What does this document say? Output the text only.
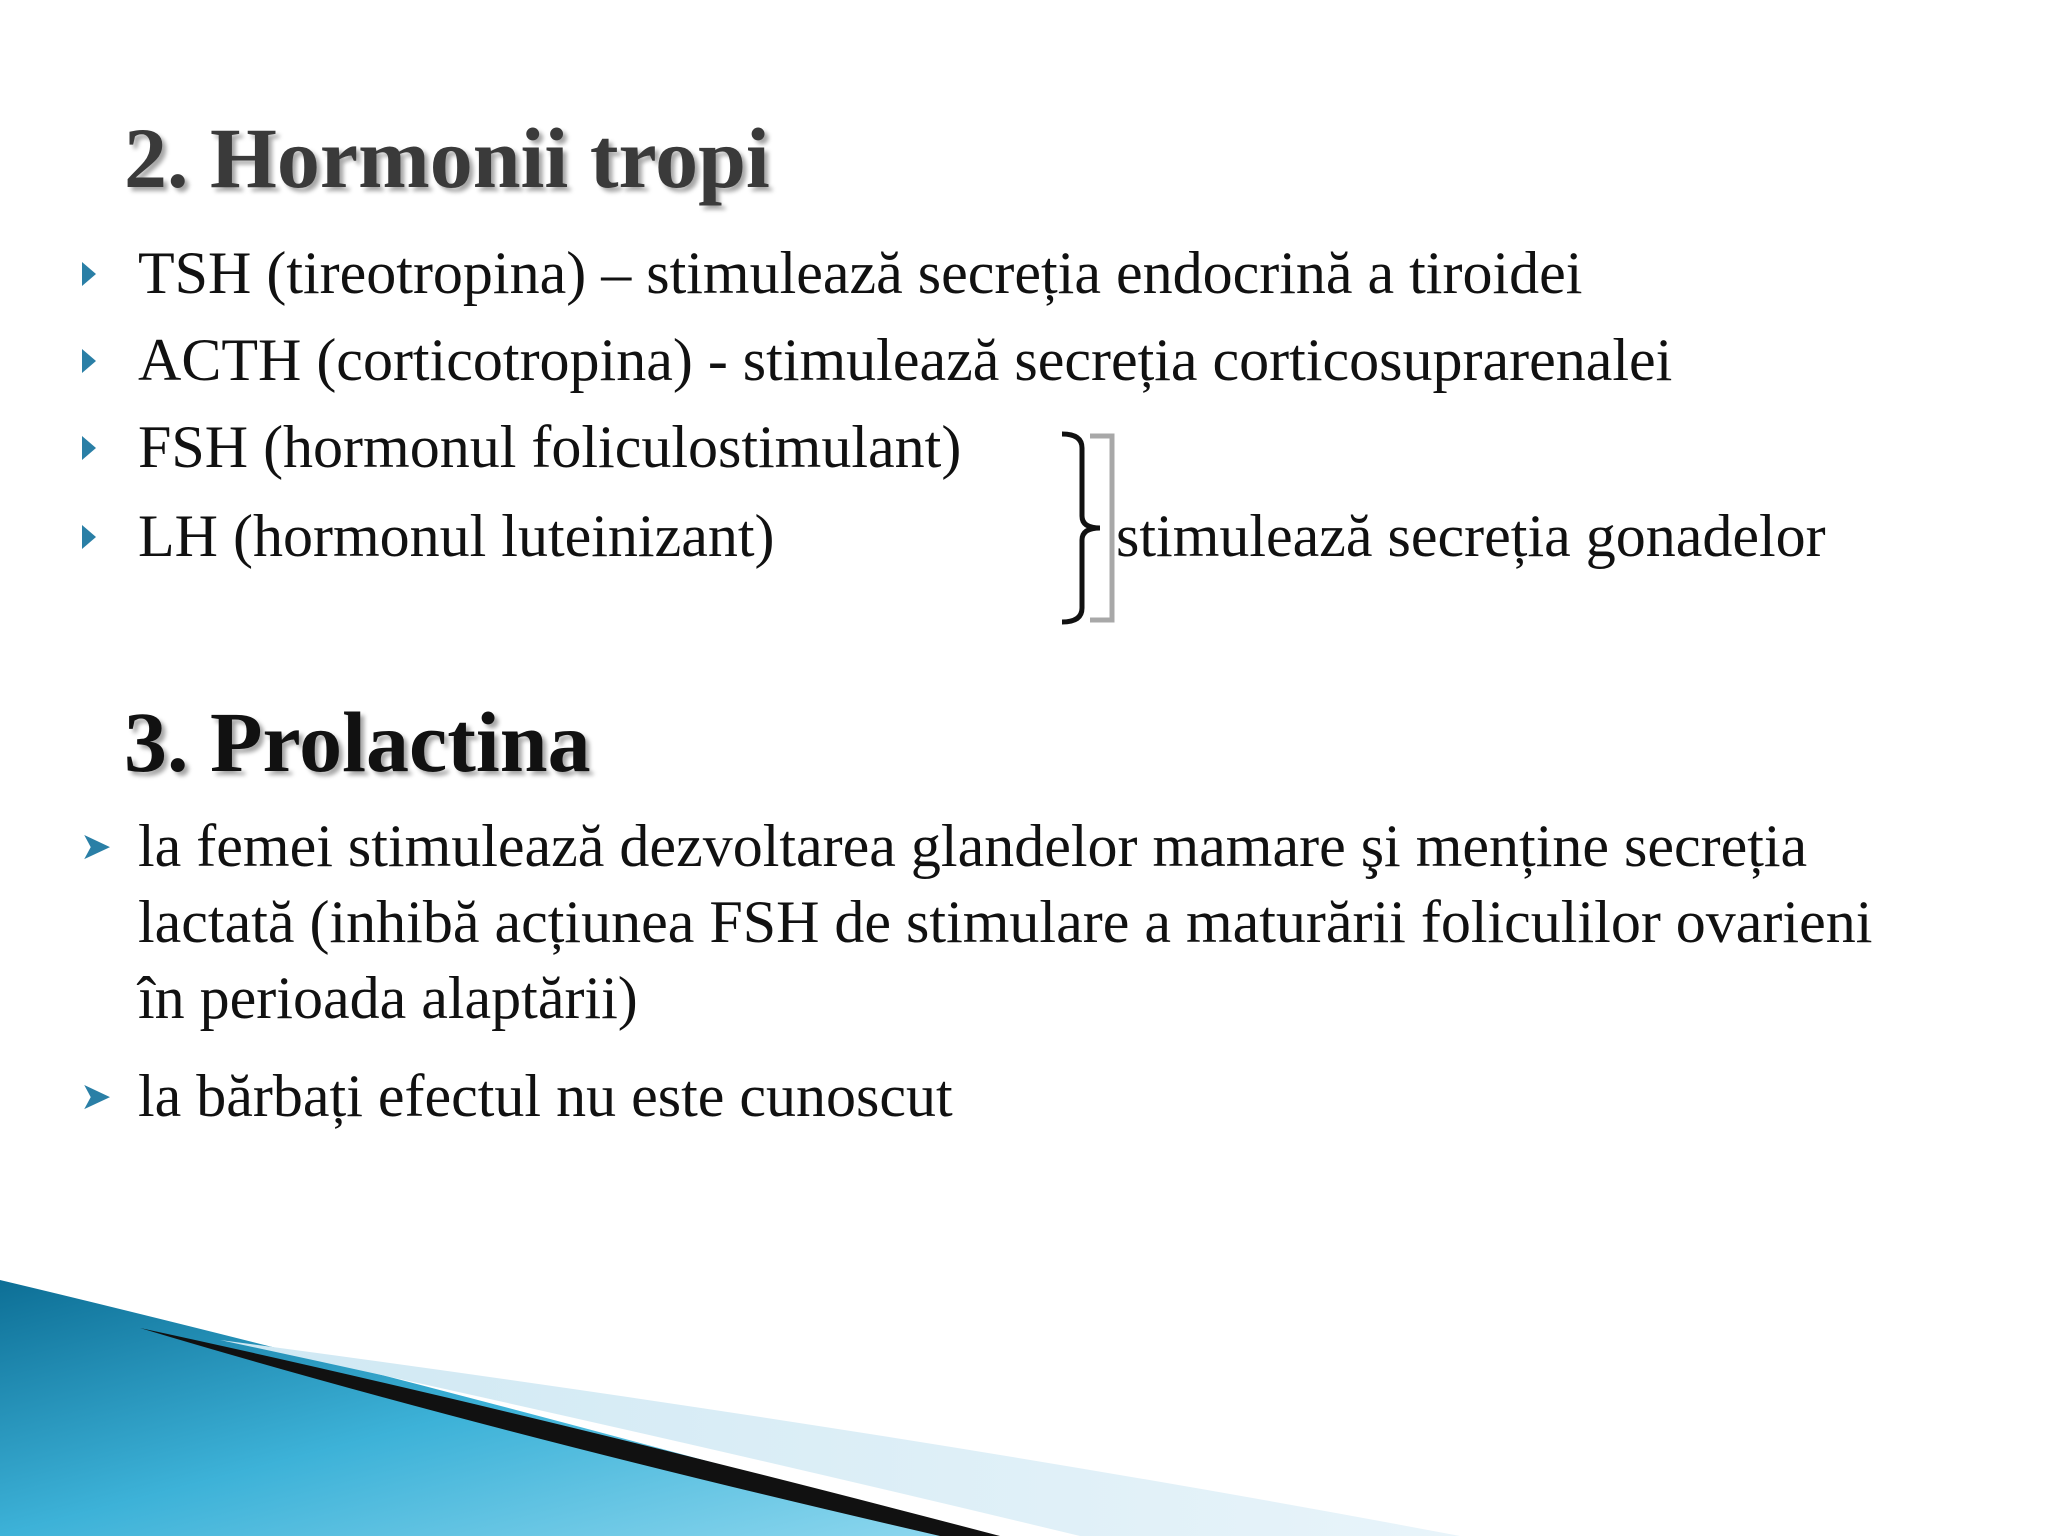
2. Hormonii tropi
TSH (tireotropina) – stimulează secreția endocrină a tiroidei
ACTH (corticotropina) - stimulează secreția corticosuprarenalei
FSH (hormonul foliculostimulant)
LH (hormonul luteinizant)	stimulează secreția gonadelor
3. Prolactina
➤ la femei stimulează dezvoltarea glandelor mamare şi menține secreția lactată (inhibă acțiunea FSH de stimulare a maturării foliculilor ovarieni în perioada alaptării)
➤ la bărbați efectul nu este cunoscut
